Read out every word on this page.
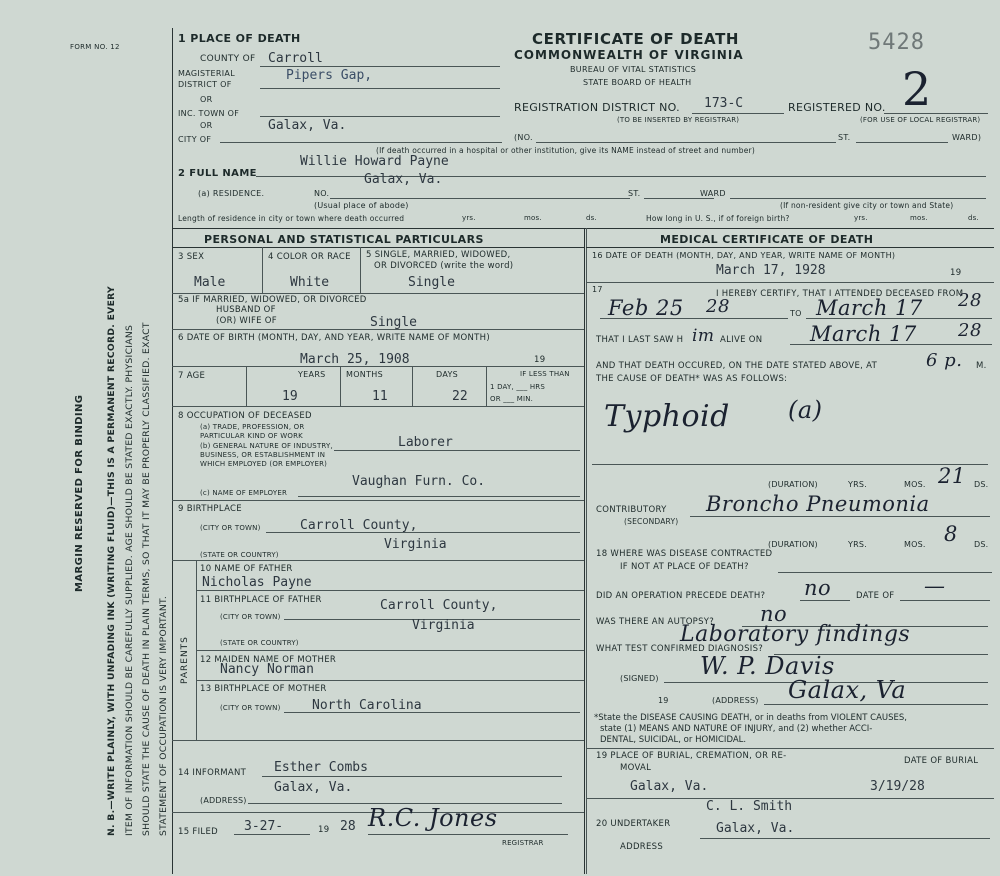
FORM NO. 12
MARGIN RESERVED FOR BINDING N. B.—WRITE PLAINLY, WITH UNFADING INK (WRITING FLUID)—THIS IS A PERMANENT RECORD. EVERY ITEM OF INFORMATION SHOULD BE CAREFULLY SUPPLIED. AGE SHOULD BE STATED EXACTLY. PHYSICIANS SHOULD STATE THE CAUSE OF DEATH IN PLAIN TERMS, SO THAT IT MAY BE PROPERLY CLASSIFIED. EXACT STATEMENT OF OCCUPATION IS VERY IMPORTANT.
CERTIFICATE OF DEATH
COMMONWEALTH OF VIRGINIA
BUREAU OF VITAL STATISTICS
STATE BOARD OF HEALTH
5428
REGISTRATION DISTRICT NO. 173-C
(TO BE INSERTED BY REGISTRAR)
REGISTERED NO. 2
(FOR USE OF LOCAL REGISTRAR)
1 PLACE OF DEATH
COUNTY OF Carroll
MAGISTERIAL
DISTRICT OF
Pipers Gap,
OR
INC. TOWN OF
OR	Galax, Va.
CITY OF	(NO.	ST.	WARD)
(If death occurred in a hospital or other institution, give its NAME instead of street and number)
2 FULL NAME
Willie Howard Payne
(a) RESIDENCE.	NO.
Galax, Va.
ST.	WARD
(Usual place of abode)	(If non-resident give city or town and State)
Length of residence in city or town where death occurred	yrs.	mos.	ds.	How long in U. S., if of foreign birth?	yrs.	mos.	ds.
PERSONAL AND STATISTICAL PARTICULARS
3 SEX	4 COLOR OR RACE 5 SINGLE, MARRIED, WIDOWED,
OR DIVORCED (write the word)
Male	White	Single
5a IF MARRIED, WIDOWED, OR DIVORCED
HUSBAND OF
(OR) WIFE OF	Single
6 DATE OF BIRTH (MONTH, DAY, AND YEAR, WRITE NAME OF MONTH)
March 25, 1908	19
7 AGE	YEARS	MONTHS	DAYS
19	11	22
IF LESS THAN
1 DAY, ___ HRS
OR ___ MIN.
8 OCCUPATION OF DECEASED
(a) TRADE, PROFESSION, OR
PARTICULAR KIND OF WORK
(b) GENERAL NATURE OF INDUSTRY,
BUSINESS, OR ESTABLISHMENT IN
WHICH EMPLOYED (OR EMPLOYER)
Laborer
Vaughan Furn. Co.
(c) NAME OF EMPLOYER
9 BIRTHPLACE
(CITY OR TOWN)	Carroll County,
Virginia
(STATE OR COUNTRY)
PARENTS
10 NAME OF FATHER
Nicholas Payne
11 BIRTHPLACE OF FATHER	Carroll County,
(CITY OR TOWN)
Virginia
(STATE OR COUNTRY)
12 MAIDEN NAME OF MOTHER
Nancy Norman
13 BIRTHPLACE OF MOTHER
(CITY OR TOWN) North Carolina
14 INFORMANT Esther Combs
Galax, Va.
(ADDRESS)
15 FILED 3-27-	19 28 R.C. Jones
REGISTRAR
MEDICAL CERTIFICATE OF DEATH
16 DATE OF DEATH (MONTH, DAY, AND YEAR, WRITE NAME OF MONTH)
March 17, 1928	19
17	I HEREBY CERTIFY, THAT I ATTENDED DECEASED FROM
Feb 25 28	TO March 17 28
THAT I LAST SAW H im ALIVE ON March 17 28
AND THAT DEATH OCCURED, ON THE DATE STATED ABOVE, AT	6 p. M.
THE CAUSE OF DEATH* WAS AS FOLLOWS:
Typhoid (a)
(DURATION)	YRS.	MOS. 21 DS.
CONTRIBUTORY
(SECONDARY)
Broncho Pneumonia
(DURATION)	YRS.	MOS. 8 DS.
18 WHERE WAS DISEASE CONTRACTED
IF NOT AT PLACE OF DEATH?
DID AN OPERATION PRECEDE DEATH? no	DATE OF —
WAS THERE AN AUTOPSY? no
Laboratory findings
WHAT TEST CONFIRMED DIAGNOSIS?
W. P. Davis
(SIGNED)	Galax, Va
19	(ADDRESS)
*State the DISEASE CAUSING DEATH, or in deaths from VIOLENT CAUSES,
state (1) MEANS AND NATURE OF INJURY, and (2) whether ACCI-
DENTAL, SUICIDAL, or HOMICIDAL.
19 PLACE OF BURIAL, CREMATION, OR RE-
MOVAL
DATE OF BURIAL
Galax, Va.	3/19/28
C. L. Smith
20 UNDERTAKER	Galax, Va.
ADDRESS
